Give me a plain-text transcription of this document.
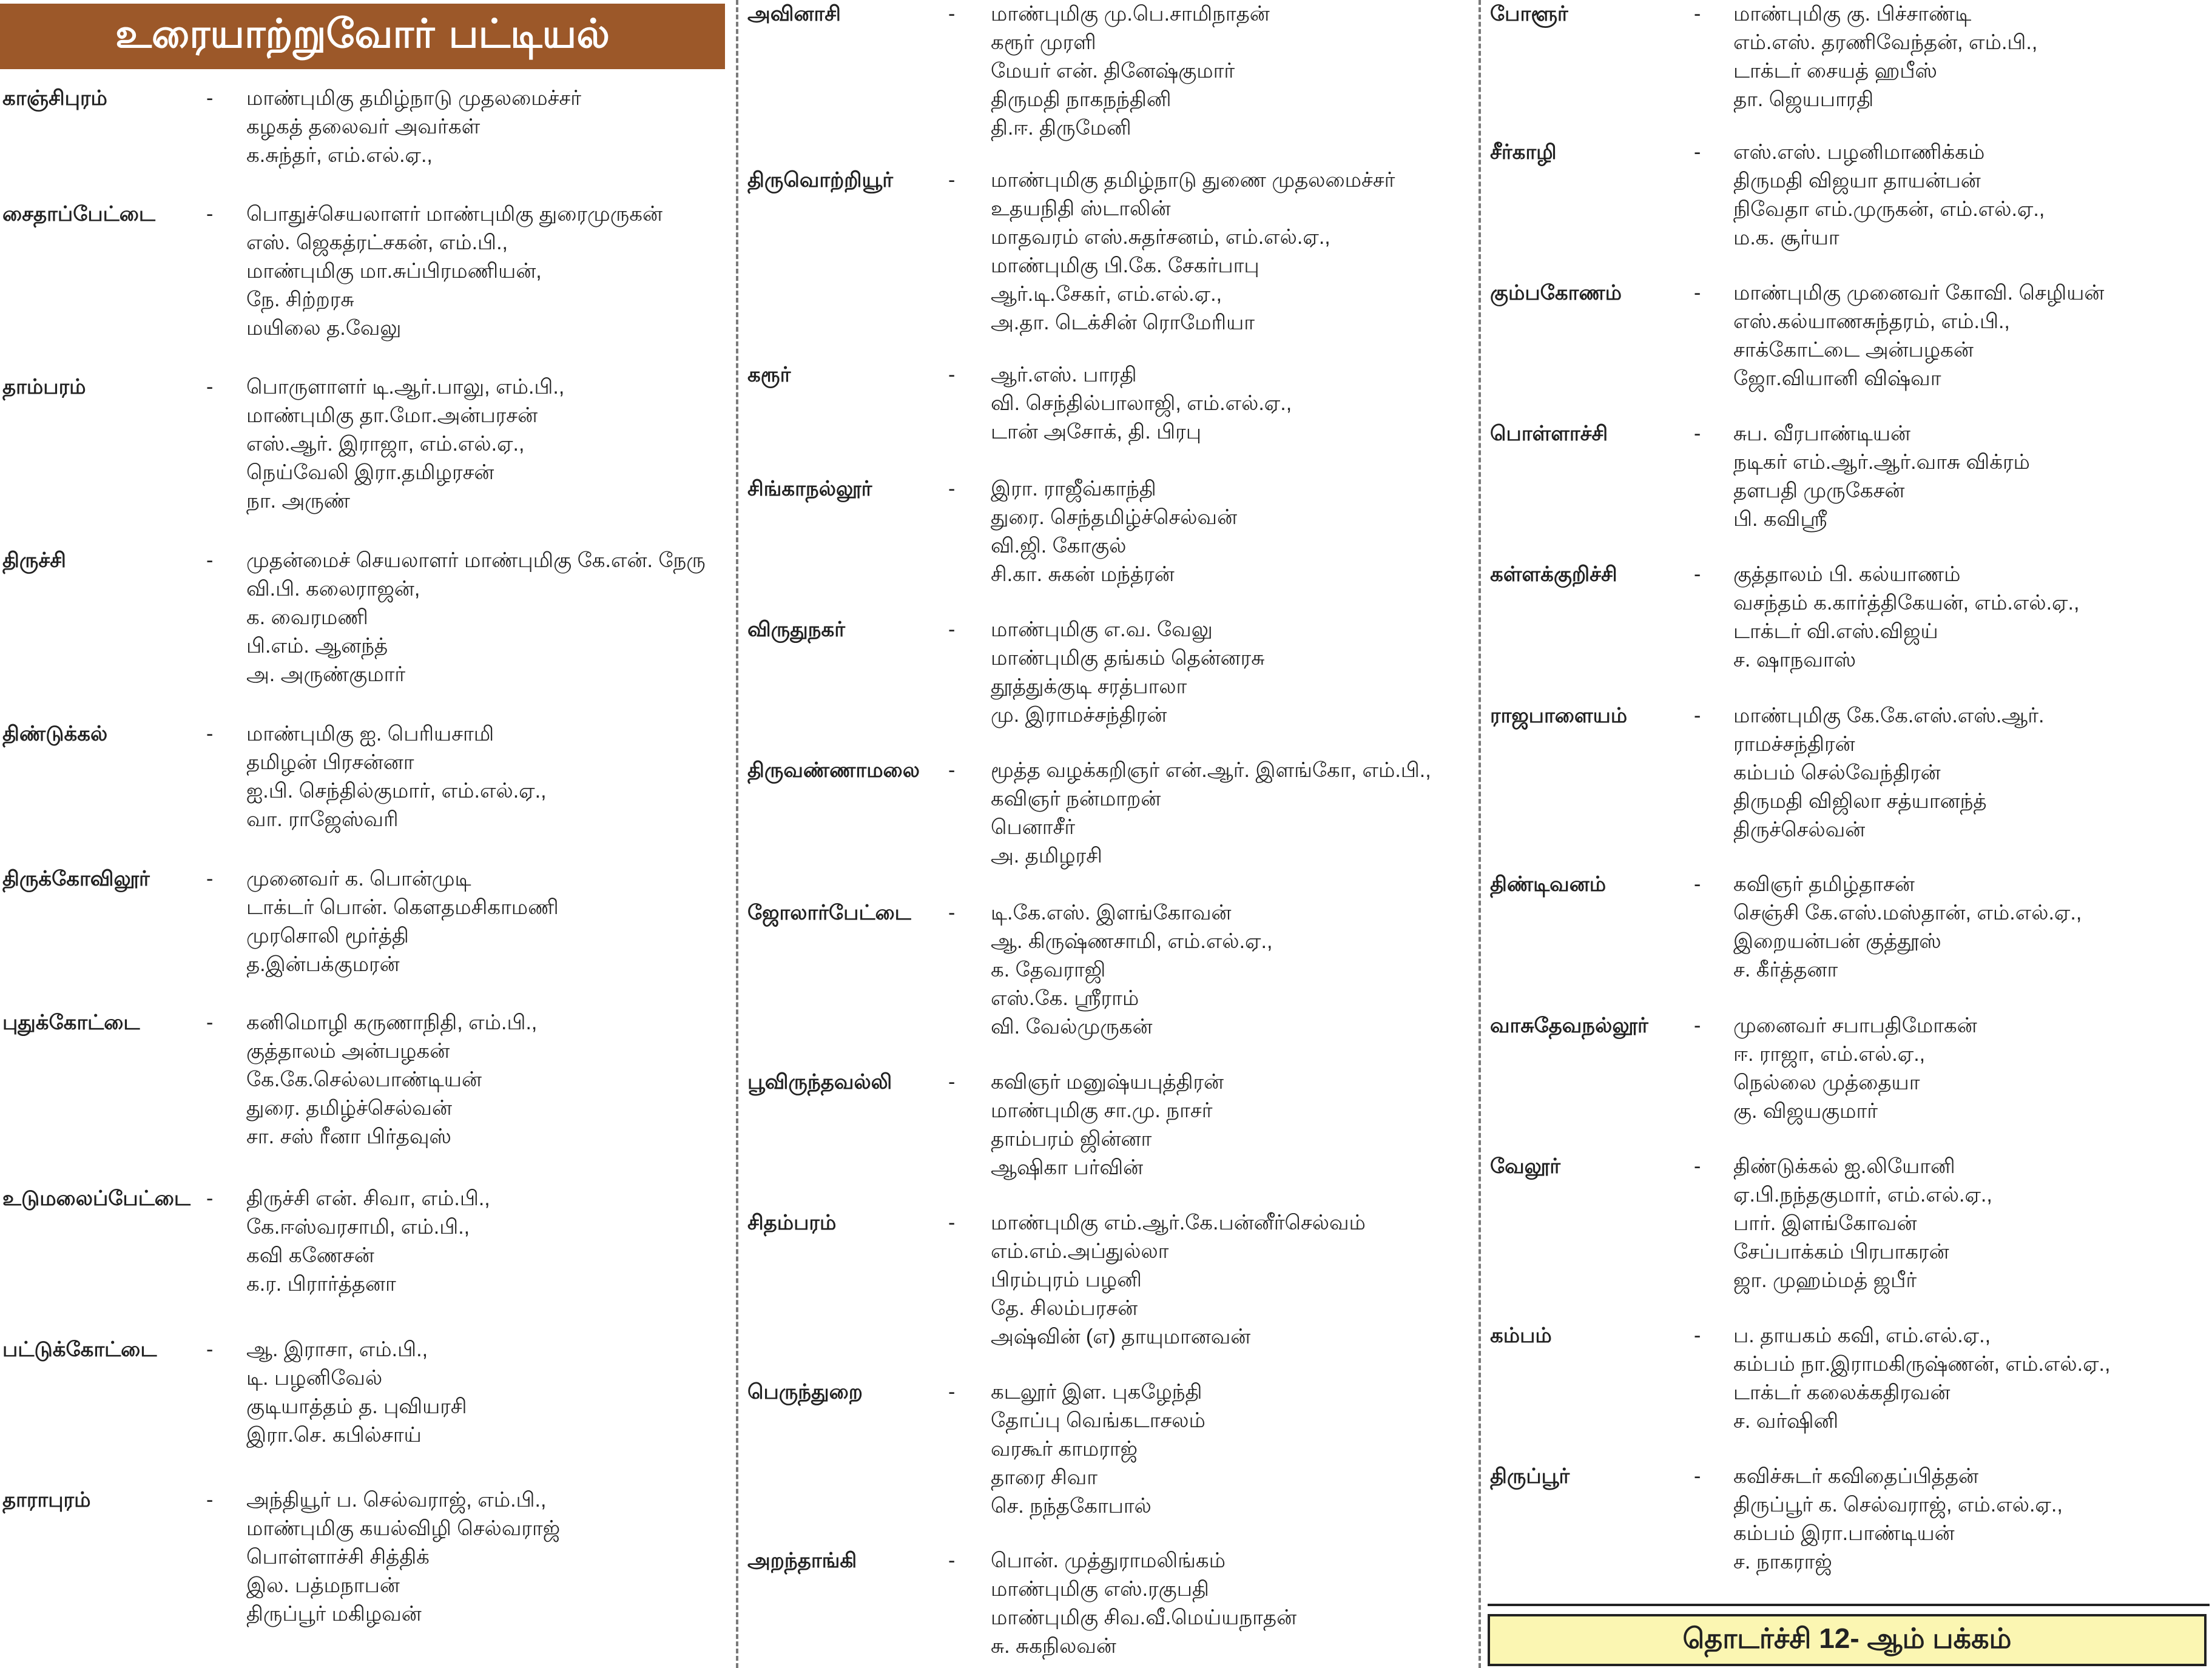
உரையாற்றுவோர் பட்டியல்
காஞ்சிபுரம்	- மாண்புமிகு தமிழ்நாடு முதலமைச்சர்
கழகத் தலைவர் அவர்கள்
க.சுந்தர், எம்.எல்.ஏ.,
சைதாப்பேட்டை - பொதுச்செயலாளர் மாண்புமிகு துரைமுருகன்
எஸ். ஜெகத்ரட்சகன், எம்.பி.,
மாண்புமிகு மா.சுப்பிரமணியன்,
நே. சிற்றரசு
மயிலை த.வேலு
தாம்பரம்	- பொருளாளர் டி.ஆர்.பாலு, எம்.பி.,
மாண்புமிகு தா.மோ.அன்பரசன்
எஸ்.ஆர். இராஜா, எம்.எல்.ஏ.,
நெய்வேலி இரா.தமிழரசன்
நா. அருண்
திருச்சி	- முதன்மைச் செயலாளர் மாண்புமிகு கே.என். நேரு
வி.பி. கலைராஜன்,
க. வைரமணி
பி.எம். ஆனந்த்
அ. அருண்குமார்
திண்டுக்கல்	- மாண்புமிகு ஐ. பெரியசாமி
தமிழன் பிரசன்னா
ஐ.பி. செந்தில்குமார், எம்.எல்.ஏ.,
வா. ராஜேஸ்வரி
திருக்கோவிலூர்	- முனைவர் க. பொன்முடி
டாக்டர் பொன். கௌதமசிகாமணி
முரசொலி மூர்த்தி
த.இன்பக்குமரன்
புதுக்கோட்டை	- கனிமொழி கருணாநிதி, எம்.பி.,
குத்தாலம் அன்பழகன்
கே.கே.செல்லபாண்டியன்
துரை. தமிழ்ச்செல்வன்
சா. சஸ் ரீனா பிர்தவுஸ்
உடுமலைப்பேட்டை - திருச்சி என். சிவா, எம்.பி.,
கே.ஈஸ்வரசாமி, எம்.பி.,
கவி கணேசன்
க.ர. பிரார்த்தனா
பட்டுக்கோட்டை - ஆ. இராசா, எம்.பி.,
டி. பழனிவேல்
குடியாத்தம் த. புவியரசி
இரா.செ. கபில்சாய்
தாராபுரம்	- அந்தியூர் ப. செல்வராஜ், எம்.பி.,
மாண்புமிகு கயல்விழி செல்வராஜ்
பொள்ளாச்சி சித்திக்
இல. பத்மநாபன்
திருப்பூர் மகிழவன்
அவினாசி	- மாண்புமிகு மு.பெ.சாமிநாதன்
கரூர் முரளி
மேயர் என். தினேஷ்குமார்
திருமதி நாகநந்தினி
தி.ஈ. திருமேனி
திருவொற்றியூர்	- மாண்புமிகு தமிழ்நாடு துணை முதலமைச்சர்
உதயநிதி ஸ்டாலின்
மாதவரம் எஸ்.சுதர்சனம், எம்.எல்.ஏ.,
மாண்புமிகு பி.கே. சேகர்பாபு
ஆர்.டி.சேகர், எம்.எல்.ஏ.,
அ.தா. டெக்சின் ரொமேரியா
கரூர்	- ஆர்.எஸ். பாரதி
வி. செந்தில்பாலாஜி, எம்.எல்.ஏ.,
டான் அசோக், தி. பிரபு
சிங்காநல்லூர்	- இரா. ராஜீவ்காந்தி
துரை. செந்தமிழ்ச்செல்வன்
வி.ஜி. கோகுல்
சி.கா. சுகன் மந்த்ரன்
விருதுநகர்	- மாண்புமிகு எ.வ. வேலு
மாண்புமிகு தங்கம் தென்னரசு
தூத்துக்குடி சரத்பாலா
மு. இராமச்சந்திரன்
திருவண்ணாமலை - மூத்த வழக்கறிஞர் என்.ஆர். இளங்கோ, எம்.பி.,
கவிஞர் நன்மாறன்
பெனாசீர்
அ. தமிழரசி
ஜோலார்பேட்டை - டி.கே.எஸ். இளங்கோவன்
ஆ. கிருஷ்ணசாமி, எம்.எல்.ஏ.,
க. தேவராஜி
எஸ்.கே. ஸ்ரீராம்
வி. வேல்முருகன்
பூவிருந்தவல்லி	- கவிஞர் மனுஷ்யபுத்திரன்
மாண்புமிகு சா.மு. நாசர்
தாம்பரம் ஜின்னா
ஆஷிகா பர்வின்
சிதம்பரம்	- மாண்புமிகு எம்.ஆர்.கே.பன்னீர்செல்வம்
எம்.எம்.அப்துல்லா
பிரம்புரம் பழனி
தே. சிலம்பரசன்
அஷ்வின் (எ) தாயுமானவன்
பெருந்துறை	- கடலூர் இள. புகழேந்தி
தோப்பு வெங்கடாசலம்
வரகூர் காமராஜ்
தாரை சிவா
செ. நந்தகோபால்
அறந்தாங்கி	- பொன். முத்துராமலிங்கம்
மாண்புமிகு எஸ்.ரகுபதி
மாண்புமிகு சிவ.வீ.மெய்யநாதன்
சு. சுகநிலவன்
போளூர்	- மாண்புமிகு கு. பிச்சாண்டி
எம்.எஸ். தரணிவேந்தன், எம்.பி.,
டாக்டர் சையத் ஹபீஸ்
தா. ஜெயபாரதி
சீர்காழி	- எஸ்.எஸ். பழனிமாணிக்கம்
திருமதி விஜயா தாயன்பன்
நிவேதா எம்.முருகன், எம்.எல்.ஏ.,
ம.க. சூர்யா
கும்பகோணம்	- மாண்புமிகு முனைவர் கோவி. செழியன்
எஸ்.கல்யாணசுந்தரம், எம்.பி.,
சாக்கோட்டை அன்பழகன்
ஜோ.வியானி விஷ்வா
பொள்ளாச்சி	- சுப. வீரபாண்டியன்
நடிகர் எம்.ஆர்.ஆர்.வாசு விக்ரம்
தளபதி முருகேசன்
பி. கவிஸ்ரீ
கள்ளக்குறிச்சி	- குத்தாலம் பி. கல்யாணம்
வசந்தம் க.கார்த்திகேயன், எம்.எல்.ஏ.,
டாக்டர் வி.எஸ்.விஜய்
ச. ஷாநவாஸ்
ராஜபாளையம்	- மாண்புமிகு கே.கே.எஸ்.எஸ்.ஆர்.
ராமச்சந்திரன்
கம்பம் செல்வேந்திரன்
திருமதி விஜிலா சத்யானந்த்
திருச்செல்வன்
திண்டிவனம்	- கவிஞர் தமிழ்தாசன்
செஞ்சி கே.எஸ்.மஸ்தான், எம்.எல்.ஏ.,
இறையன்பன் குத்தூஸ்
ச. கீர்த்தனா
வாசுதேவநல்லூர் - முனைவர் சபாபதிமோகன்
ஈ. ராஜா, எம்.எல்.ஏ.,
நெல்லை முத்தையா
கு. விஜயகுமார்
வேலூர்	- திண்டுக்கல் ஐ.லியோனி
ஏ.பி.நந்தகுமார், எம்.எல்.ஏ.,
பார். இளங்கோவன்
சேப்பாக்கம் பிரபாகரன்
ஜா. முஹம்மத் ஜபீர்
கம்பம்	- ப. தாயகம் கவி, எம்.எல்.ஏ.,
கம்பம் நா.இராமகிருஷ்ணன், எம்.எல்.ஏ.,
டாக்டர் கலைக்கதிரவன்
ச. வர்ஷினி
திருப்பூர்	- கவிச்சுடர் கவிதைப்பித்தன்
திருப்பூர் க. செல்வராஜ், எம்.எல்.ஏ.,
கம்பம் இரா.பாண்டியன்
ச. நாகராஜ்
தொடர்ச்சி 12- ஆம் பக்கம்
